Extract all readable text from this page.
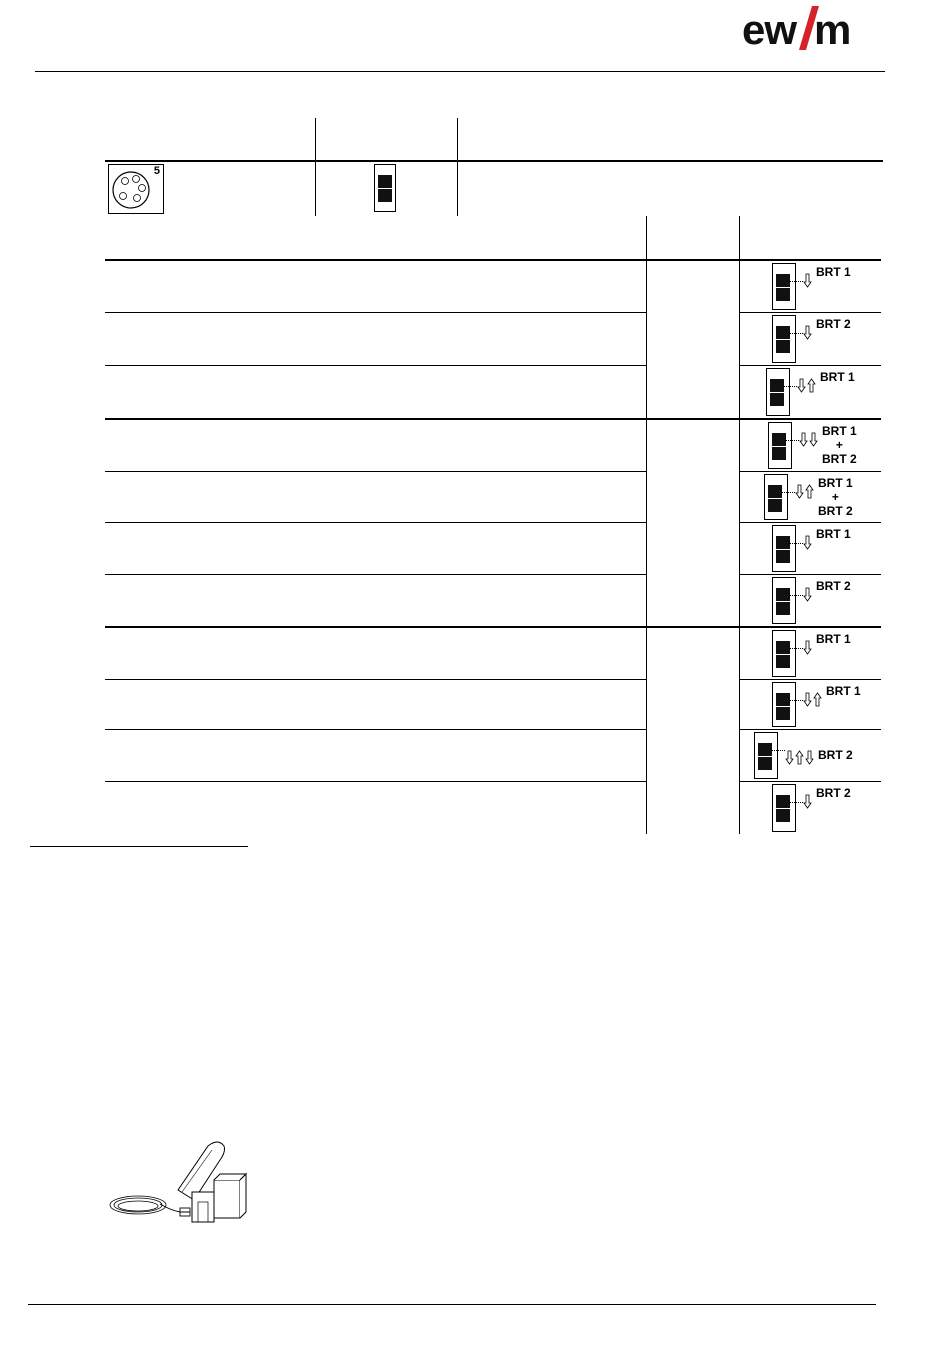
ew m
5
BRT 1
BRT 2
BRT 1
BRT 1
+
BRT 2
BRT 1
+
BRT 2
BRT 1
BRT 2
BRT 1
BRT 1
BRT 2
BRT 2
